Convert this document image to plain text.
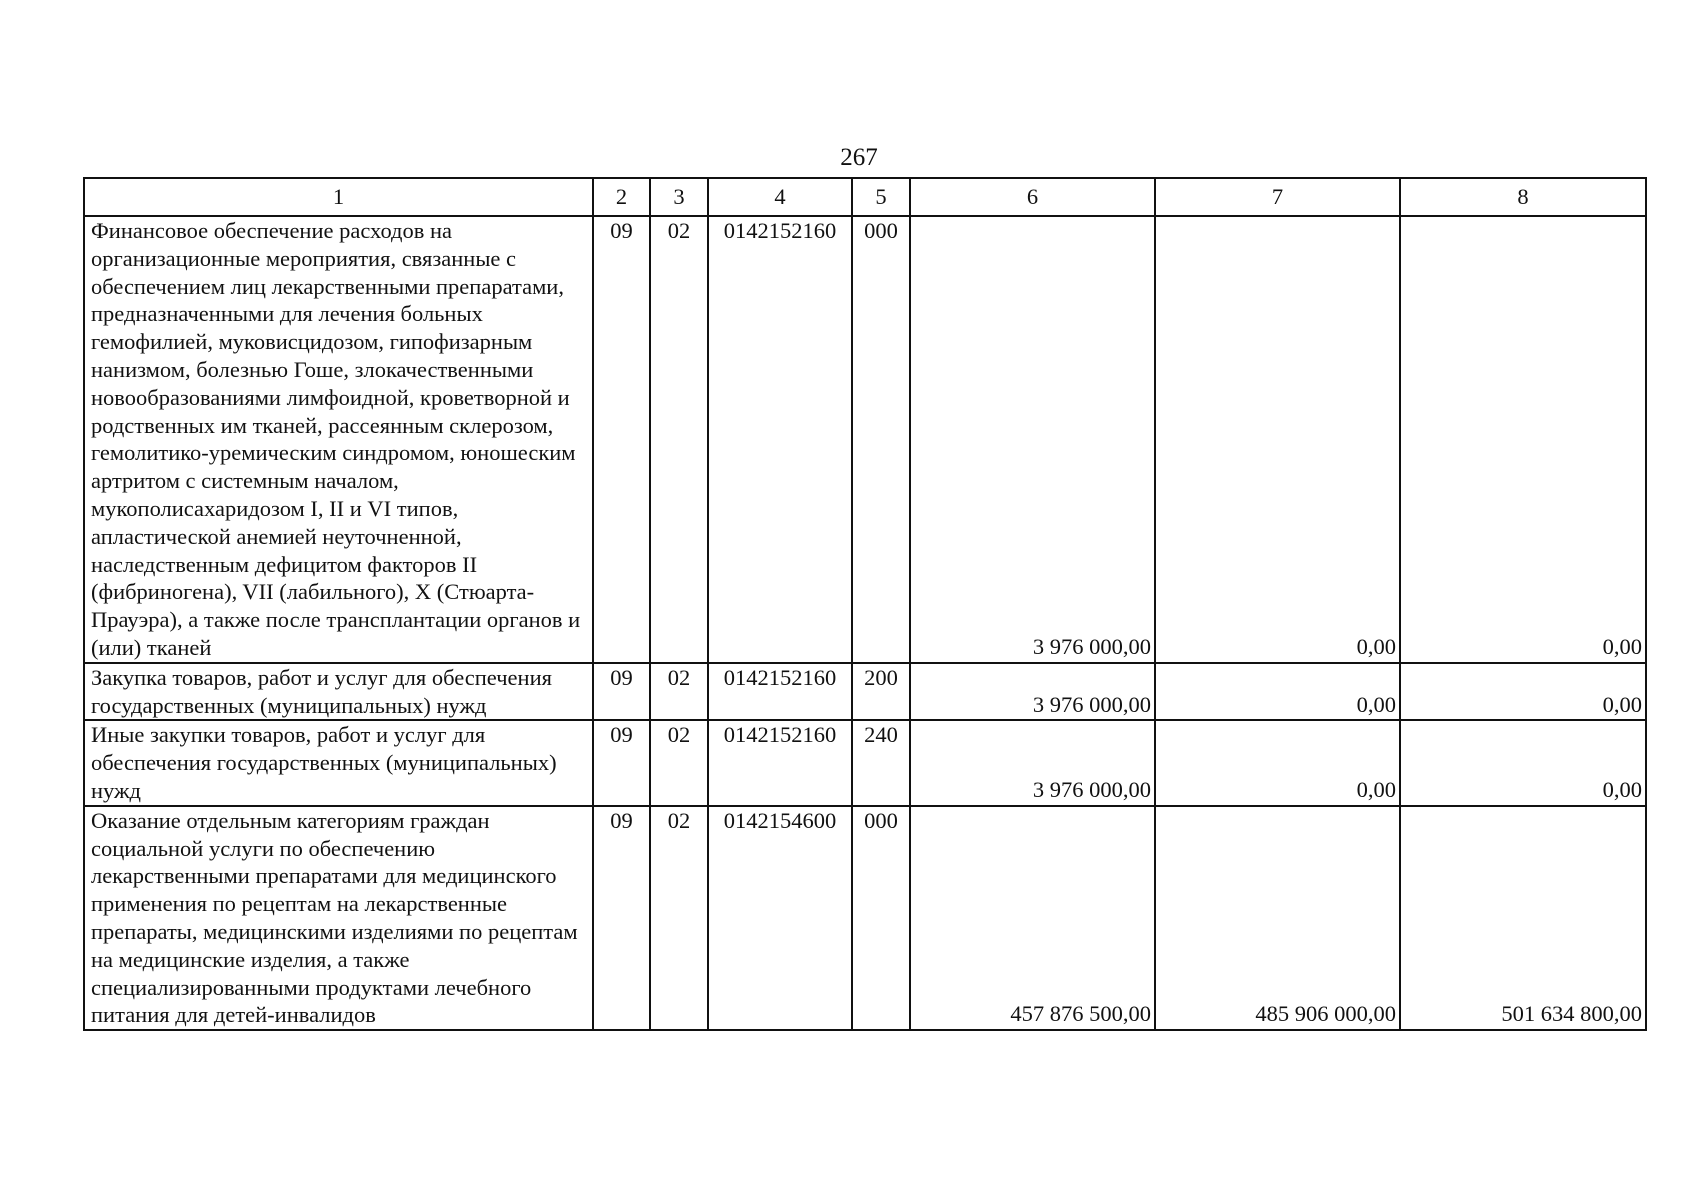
267
1	2	3	4	5	6	7	8
Финансовое обеспечение расходов на организационные мероприятия, связанные с обеспечением лиц лекарственными препаратами, предназначенными для лечения больных гемофилией, муковисцидозом, гипофизарным нанизмом, болезнью Гоше, злокачественными новообразованиями лимфоидной, кроветворной и родственных им тканей, рассеянным склерозом, гемолитико-уремическим синдромом, юношеским артритом с системным началом, мукополисахаридозом I, II и VI типов, апластической анемией неуточненной, наследственным дефицитом факторов II (фибриногена), VII (лабильного), X (Стюарта-Прауэра), а также после трансплантации органов и (или) тканей	09	02	0142152160	000	3 976 000,00	0,00	0,00
Закупка товаров, работ и услуг для обеспечения государственных (муниципальных) нужд	09	02	0142152160	200	3 976 000,00	0,00	0,00
Иные закупки товаров, работ и услуг для обеспечения государственных (муниципальных) нужд	09	02	0142152160	240	3 976 000,00	0,00	0,00
Оказание отдельным категориям граждан социальной услуги по обеспечению лекарственными препаратами для медицинского применения по рецептам на лекарственные препараты, медицинскими изделиями по рецептам на медицинские изделия, а также специализированными продуктами лечебного питания для детей-инвалидов	09	02	0142154600	000	457 876 500,00	485 906 000,00	501 634 800,00
